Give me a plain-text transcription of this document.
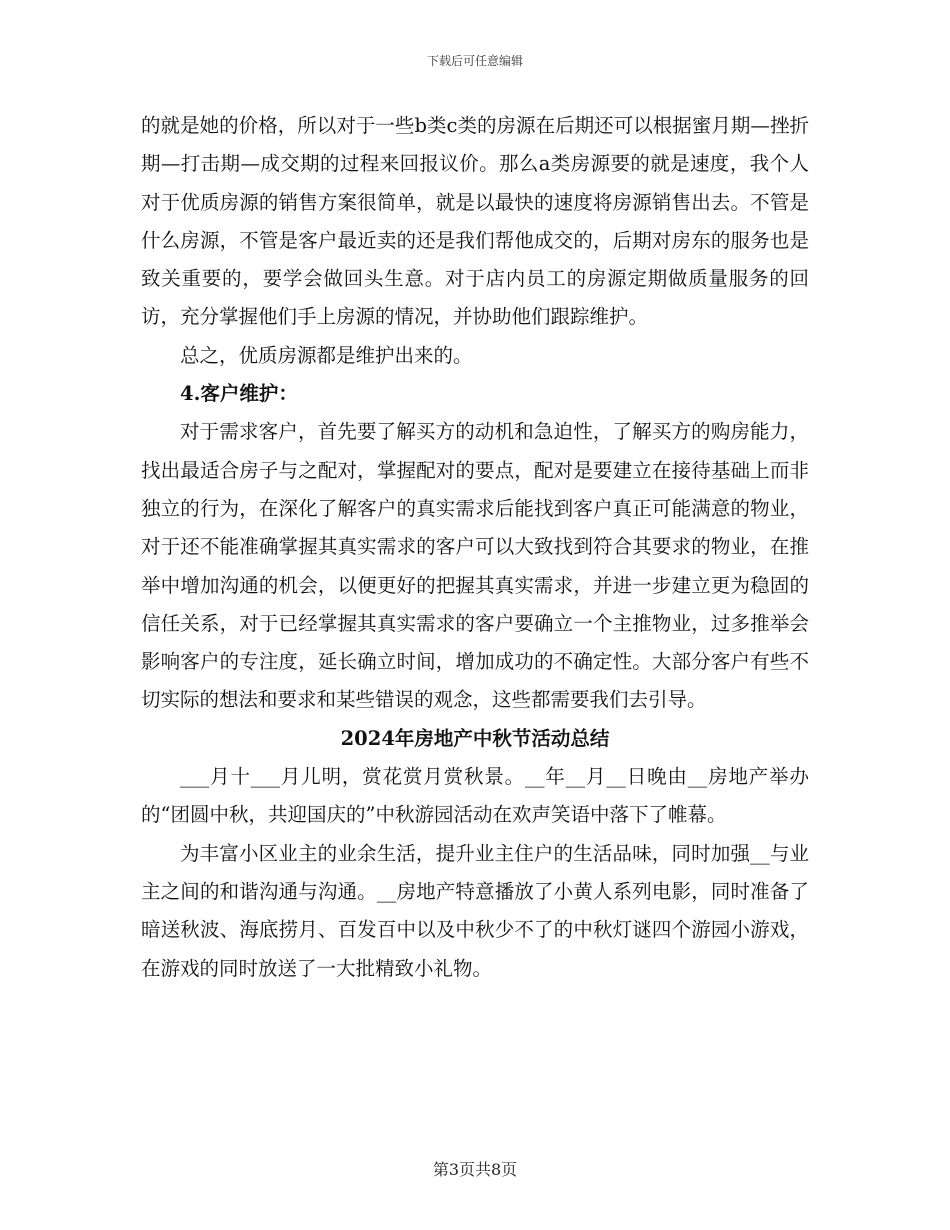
下载后可任意编辑

的就是她的价格，所以对于一些b类c类的房源在后期还可以根据蜜月期—挫折期—打击期—成交期的过程来回报议价。那么a类房源要的就是速度，我个人对于优质房源的销售方案很简单，就是以最快的速度将房源销售出去。不管是什么房源，不管是客户最近卖的还是我们帮他成交的，后期对房东的服务也是致关重要的，要学会做回头生意。对于店内员工的房源定期做质量服务的回访，充分掌握他们手上房源的情况，并协助他们跟踪维护。

总之，优质房源都是维护出来的。

4.客户维护：

对于需求客户，首先要了解买方的动机和急迫性，了解买方的购房能力，找出最适合房子与之配对，掌握配对的要点，配对是要建立在接待基础上而非独立的行为，在深化了解客户的真实需求后能找到客户真正可能满意的物业，对于还不能准确掌握其真实需求的客户可以大致找到符合其要求的物业，在推举中增加沟通的机会，以便更好的把握其真实需求，并进一步建立更为稳固的信任关系，对于已经掌握其真实需求的客户要确立一个主推物业，过多推举会影响客户的专注度，延长确立时间，增加成功的不确定性。大部分客户有些不切实际的想法和要求和某些错误的观念，这些都需要我们去引导。

2024年房地产中秋节活动总结

___月十___月儿明，赏花赏月赏秋景。__年__月__日晚由__房地产举办的“团圆中秋，共迎国庆的”中秋游园活动在欢声笑语中落下了帷幕。

为丰富小区业主的业余生活，提升业主住户的生活品味，同时加强__与业主之间的和谐沟通与沟通。__房地产特意播放了小黄人系列电影，同时准备了暗送秋波、海底捞月、百发百中以及中秋少不了的中秋灯谜四个游园小游戏，在游戏的同时放送了一大批精致小礼物。

第3页共8页
